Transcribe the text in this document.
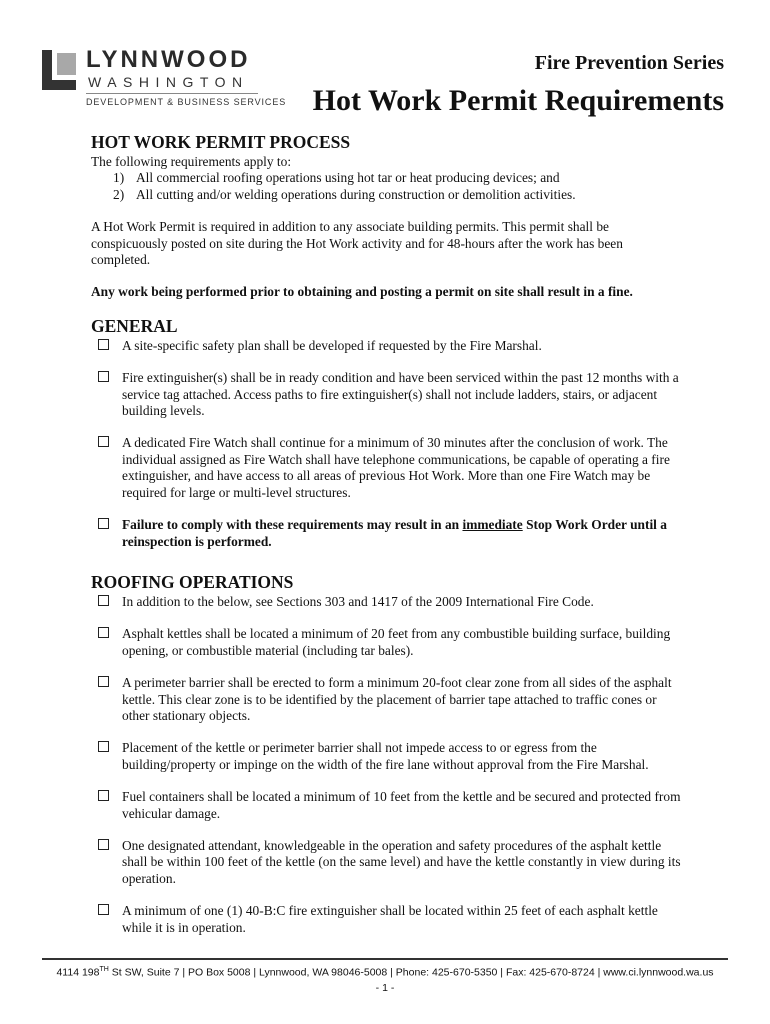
LYNNWOOD
WASHINGTON
DEVELOPMENT & BUSINESS SERVICES
Fire Prevention Series
Hot Work Permit Requirements
HOT WORK PERMIT PROCESS

The following requirements apply to:

1) All commercial roofing operations using hot tar or heat producing devices; and
2) All cutting and/or welding operations during construction or demolition activities.

A Hot Work Permit is required in addition to any associate building permits. This permit shall be conspicuously posted on site during the Hot Work activity and for 48-hours after the work has been completed.

Any work being performed prior to obtaining and posting a permit on site shall result in a fine.

GENERAL
A site-specific safety plan shall be developed if requested by the Fire Marshal.
Fire extinguisher(s) shall be in ready condition and have been serviced within the past 12 months with a service tag attached. Access paths to fire extinguisher(s) shall not include ladders, stairs, or adjacent building levels.
A dedicated Fire Watch shall continue for a minimum of 30 minutes after the conclusion of work. The individual assigned as Fire Watch shall have telephone communications, be capable of operating a fire extinguisher, and have access to all areas of previous Hot Work. More than one Fire Watch may be required for large or multi-level structures.
Failure to comply with these requirements may result in an immediate Stop Work Order until a reinspection is performed.
ROOFING OPERATIONS
In addition to the below, see Sections 303 and 1417 of the 2009 International Fire Code.
Asphalt kettles shall be located a minimum of 20 feet from any combustible building surface, building opening, or combustible material (including tar bales).
A perimeter barrier shall be erected to form a minimum 20-foot clear zone from all sides of the asphalt kettle. This clear zone is to be identified by the placement of barrier tape attached to traffic cones or other stationary objects.
Placement of the kettle or perimeter barrier shall not impede access to or egress from the building/property or impinge on the width of the fire lane without approval from the Fire Marshal.
Fuel containers shall be located a minimum of 10 feet from the kettle and be secured and protected from vehicular damage.
One designated attendant, knowledgeable in the operation and safety procedures of the asphalt kettle shall be within 100 feet of the kettle (on the same level) and have the kettle constantly in view during its operation.
A minimum of one (1) 40-B:C fire extinguisher shall be located within 25 feet of each asphalt kettle while it is in operation.
4114 198TH St SW, Suite 7 | PO Box 5008 | Lynnwood, WA 98046-5008 | Phone: 425-670-5350 | Fax: 425-670-8724 | www.ci.lynnwood.wa.us
- 1 -
